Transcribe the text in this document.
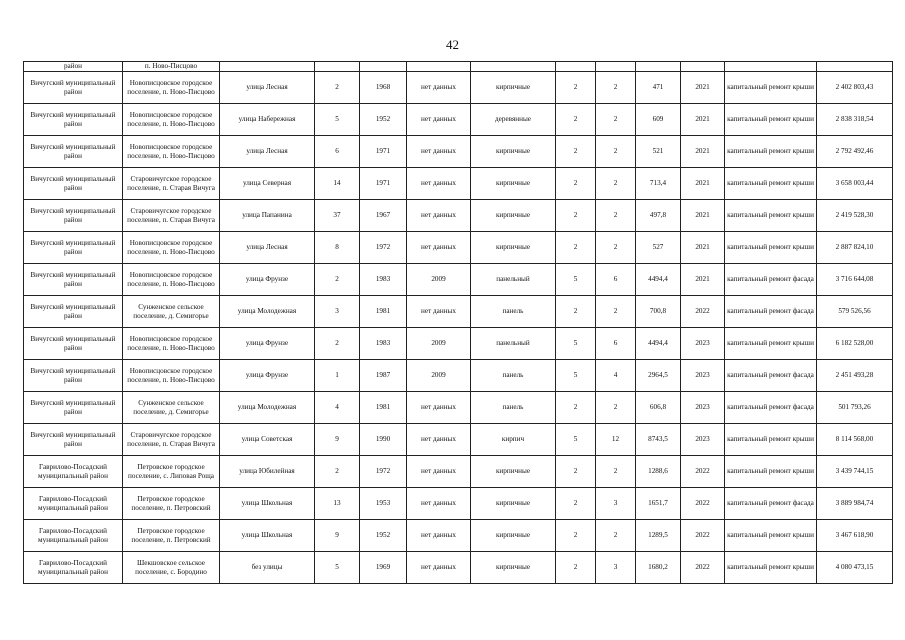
42
район	п. Ново-Писцово											
Вичугский муниципальный район	Новописцовское городское поселение, п. Ново-Писцово	улица Лесная	2	1968	нет данных	кирпичные	2	2	471	2021	капитальный ремонт крыши	2 402 803,43
Вичугский муниципальный район	Новописцовское городское поселение, п. Ново-Писцово	улица Набережная	5	1952	нет данных	деревянные	2	2	609	2021	капитальный ремонт крыши	2 838 318,54
Вичугский муниципальный район	Новописцовское городское поселение, п. Ново-Писцово	улица Лесная	6	1971	нет данных	кирпичные	2	2	521	2021	капитальный ремонт крыши	2 792 492,46
Вичугский муниципальный район	Старовичугское городское поселение, п. Старая Вичуга	улица Северная	14	1971	нет данных	кирпичные	2	2	713,4	2021	капитальный ремонт крыши	3 658 003,44
Вичугский муниципальный район	Старовичугское городское поселение, п. Старая Вичуга	улица Папанина	37	1967	нет данных	кирпичные	2	2	497,8	2021	капитальный ремонт крыши	2 419 528,30
Вичугский муниципальный район	Новописцовское городское поселение, п. Ново-Писцово	улица Лесная	8	1972	нет данных	кирпичные	2	2	527	2021	капитальный ремонт крыши	2 887 824,10
Вичугский муниципальный район	Новописцовское городское поселение, п. Ново-Писцово	улица Фрунзе	2	1983	2009	панельный	5	6	4494,4	2021	капитальный ремонт фасада	3 716 644,08
Вичугский муниципальный район	Сунженское сельское поселение, д. Семигорье	улица Молодежная	3	1981	нет данных	панель	2	2	700,8	2022	капитальный ремонт фасада	579 526,56
Вичугский муниципальный район	Новописцовское городское поселение, п. Ново-Писцово	улица Фрунзе	2	1983	2009	панельный	5	6	4494,4	2023	капитальный ремонт крыши	6 182 528,00
Вичугский муниципальный район	Новописцовское городское поселение, п. Ново-Писцово	улица Фрунзе	1	1987	2009	панель	5	4	2964,5	2023	капитальный ремонт фасада	2 451 493,28
Вичугский муниципальный район	Сунженское сельское поселение, д. Семигорье	улица Молодежная	4	1981	нет данных	панель	2	2	606,8	2023	капитальный ремонт фасада	501 793,26
Вичугский муниципальный район	Старовичугское городское поселение, п. Старая Вичуга	улица Советская	9	1990	нет данных	кирпич	5	12	8743,5	2023	капитальный ремонт крыши	8 114 568,00
Гаврилово-Посадский муниципальный район	Петровское городское поселение, с. Липовая Роща	улица Юбилейная	2	1972	нет данных	кирпичные	2	2	1288,6	2022	капитальный ремонт крыши	3 439 744,15
Гаврилово-Посадский муниципальный район	Петровское городское поселение, п. Петровский	улица Школьная	13	1953	нет данных	кирпичные	2	3	1651,7	2022	капитальный ремонт фасада	3 889 984,74
Гаврилово-Посадский муниципальный район	Петровское городское поселение, п. Петровский	улица Школьная	9	1952	нет данных	кирпичные	2	2	1289,5	2022	капитальный ремонт крыши	3 467 618,90
Гаврилово-Посадский муниципальный район	Шекшовское сельское поселение, с. Бородино	без улицы	5	1969	нет данных	кирпичные	2	3	1680,2	2022	капитальный ремонт крыши	4 080 473,15
